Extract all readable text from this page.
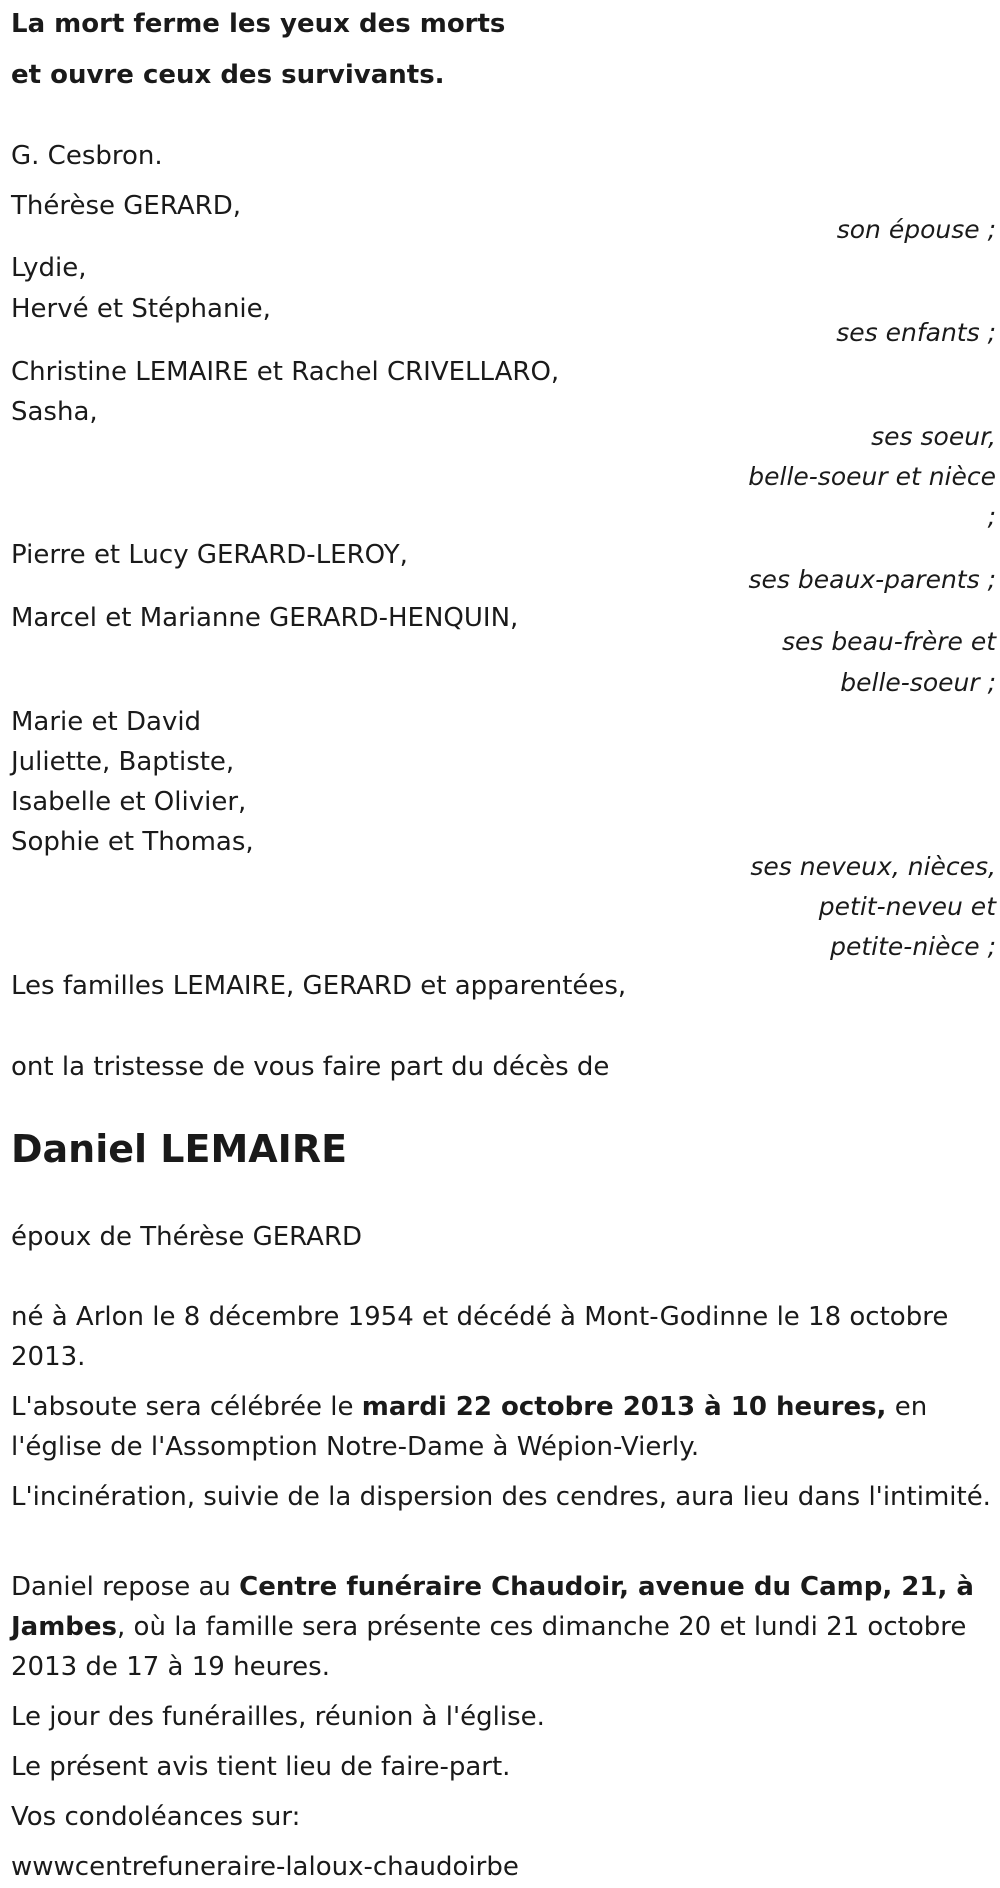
La mort ferme les yeux des morts
et ouvre ceux des survivants.
G. Cesbron.
Thérèse GERARD,
son épouse ;
Lydie,
Hervé et Stéphanie,
ses enfants ;
Christine LEMAIRE et Rachel CRIVELLARO,
Sasha,
ses soeur,
belle-soeur et nièce
;
Pierre et Lucy GERARD-LEROY,
ses beaux-parents ;
Marcel et Marianne GERARD-HENQUIN,
ses beau-frère et
belle-soeur ;
Marie et David
Juliette, Baptiste,
Isabelle et Olivier,
Sophie et Thomas,
ses neveux, nièces,
petit-neveu et
petite-nièce ;
Les familles LEMAIRE, GERARD et apparentées,
ont la tristesse de vous faire part du décès de
Daniel LEMAIRE
époux de Thérèse GERARD
né à Arlon le 8 décembre 1954 et décédé à Mont-Godinne le 18 octobre 2013.
L'absoute sera célébrée le mardi 22 octobre 2013 à 10 heures, en l'église de l'Assomption Notre-Dame à Wépion-Vierly.
L'incinération, suivie de la dispersion des cendres, aura lieu dans l'intimité.
Daniel repose au Centre funéraire Chaudoir, avenue du Camp, 21, à Jambes, où la famille sera présente ces dimanche 20 et lundi 21 octobre 2013 de 17 à 19 heures.
Le jour des funérailles, réunion à l'église.
Le présent avis tient lieu de faire-part.
Vos condoléances sur:
wwwcentrefuneraire-laloux-chaudoirbe
